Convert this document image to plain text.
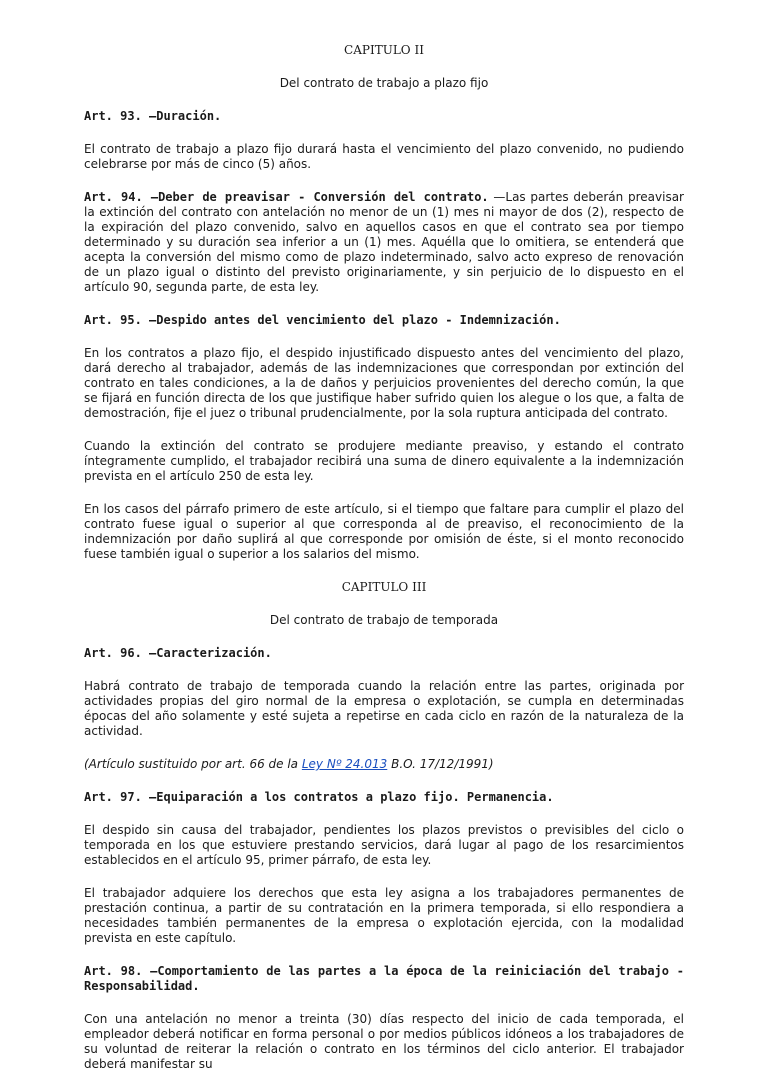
CAPITULO II
Del contrato de trabajo a plazo fijo
Art. 93. —Duración.
El contrato de trabajo a plazo fijo durará hasta el vencimiento del plazo convenido, no pudiendo celebrarse por más de cinco (5) años.
Art. 94. —Deber de preavisar - Conversión del contrato. —Las partes deberán preavisar la extinción del contrato con antelación no menor de un (1) mes ni mayor de dos (2), respecto de la expiración del plazo convenido, salvo en aquellos casos en que el contrato sea por tiempo determinado y su duración sea inferior a un (1) mes. Aquélla que lo omitiera, se entenderá que acepta la conversión del mismo como de plazo indeterminado, salvo acto expreso de renovación de un plazo igual o distinto del previsto originariamente, y sin perjuicio de lo dispuesto en el artículo 90, segunda parte, de esta ley.
Art. 95. —Despido antes del vencimiento del plazo - Indemnización.
En los contratos a plazo fijo, el despido injustificado dispuesto antes del vencimiento del plazo, dará derecho al trabajador, además de las indemnizaciones que correspondan por extinción del contrato en tales condiciones, a la de daños y perjuicios provenientes del derecho común, la que se fijará en función directa de los que justifique haber sufrido quien los alegue o los que, a falta de demostración, fije el juez o tribunal prudencialmente, por la sola ruptura anticipada del contrato.
Cuando la extinción del contrato se produjere mediante preaviso, y estando el contrato íntegramente cumplido, el trabajador recibirá una suma de dinero equivalente a la indemnización prevista en el artículo 250 de esta ley.
En los casos del párrafo primero de este artículo, si el tiempo que faltare para cumplir el plazo del contrato fuese igual o superior al que corresponda al de preaviso, el reconocimiento de la indemnización por daño suplirá al que corresponde por omisión de éste, si el monto reconocido fuese también igual o superior a los salarios del mismo.
CAPITULO III
Del contrato de trabajo de temporada
Art. 96. —Caracterización.
Habrá contrato de trabajo de temporada cuando la relación entre las partes, originada por actividades propias del giro normal de la empresa o explotación, se cumpla en determinadas épocas del año solamente y esté sujeta a repetirse en cada ciclo en razón de la naturaleza de la actividad.
(Artículo sustituido por art. 66 de la Ley Nº 24.013 B.O. 17/12/1991)
Art. 97. —Equiparación a los contratos a plazo fijo. Permanencia.
El despido sin causa del trabajador, pendientes los plazos previstos o previsibles del ciclo o temporada en los que estuviere prestando servicios, dará lugar al pago de los resarcimientos establecidos en el artículo 95, primer párrafo, de esta ley.
El trabajador adquiere los derechos que esta ley asigna a los trabajadores permanentes de prestación continua, a partir de su contratación en la primera temporada, si ello respondiera a necesidades también permanentes de la empresa o explotación ejercida, con la modalidad prevista en este capítulo.
Art. 98. —Comportamiento de las partes a la época de la reiniciación del trabajo - Responsabilidad.
Con una antelación no menor a treinta (30) días respecto del inicio de cada temporada, el empleador deberá notificar en forma personal o por medios públicos idóneos a los trabajadores de su voluntad de reiterar la relación o contrato en los términos del ciclo anterior. El trabajador deberá manifestar su
